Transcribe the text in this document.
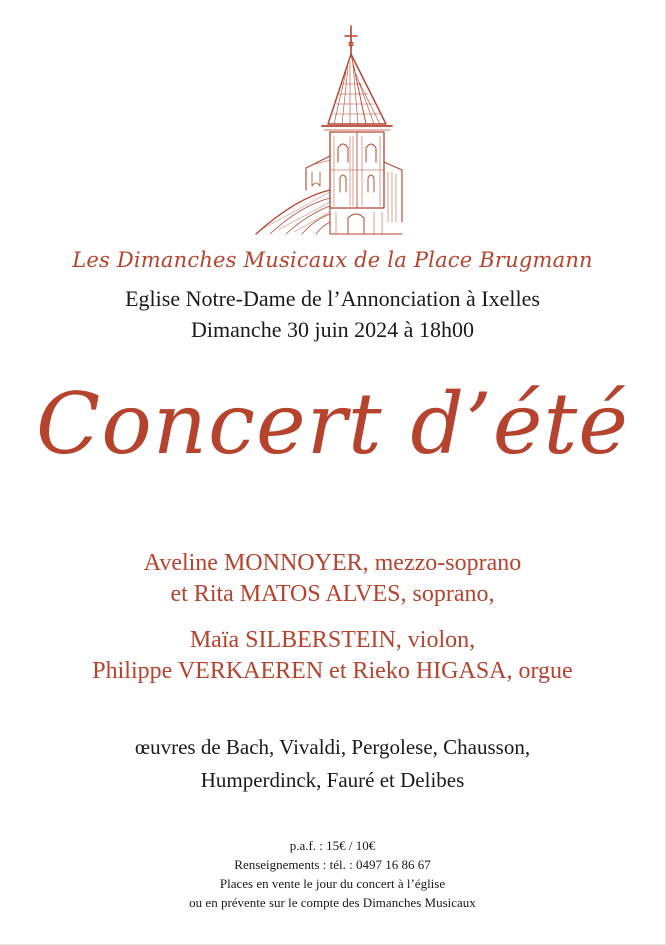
Les Dimanches Musicaux de la Place Brugmann
Eglise Notre-Dame de l’Annonciation à Ixelles
Dimanche 30 juin 2024 à 18h00
Concert d’été
Aveline MONNOYER, mezzo-soprano
et Rita MATOS ALVES, soprano,
Maïa SILBERSTEIN, violon,
Philippe VERKAEREN et Rieko HIGASA, orgue
œuvres de Bach, Vivaldi, Pergolese, Chausson,
Humperdinck, Fauré et Delibes
p.a.f. : 15€ / 10€
Renseignements : tél. : 0497 16 86 67
Places en vente le jour du concert à l’église
ou en prévente sur le compte des Dimanches Musicaux
